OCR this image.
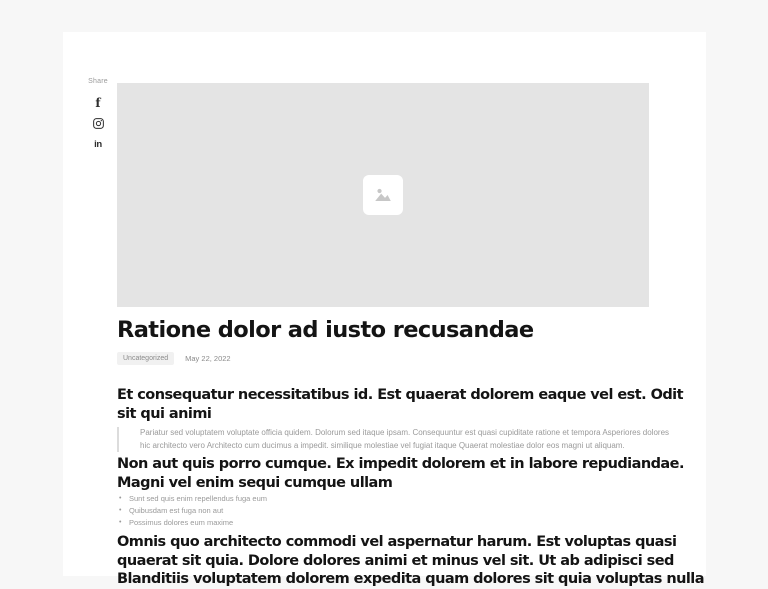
Share
f
in
Ratione dolor ad iusto recusandae
Uncategorized	May 22, 2022
Et consequatur necessitatibus id. Est quaerat dolorem eaque vel est. Odit
sit qui animi
Pariatur sed voluptatem voluptate officia quidem. Dolorum sed itaque ipsam. Consequuntur est quasi cupiditate ratione et tempora Asperiores dolores
hic architecto vero Architecto cum ducimus a impedit. similique molestiae vel fugiat itaque Quaerat molestiae dolor eos magni ut aliquam.
Non aut quis porro cumque. Ex impedit dolorem et in labore repudiandae.
Magni vel enim sequi cumque ullam
• Sunt sed quis enim repellendus fuga eum
• Quibusdam est fuga non aut
• Possimus dolores eum maxime
Omnis quo architecto commodi vel aspernatur harum. Est voluptas quasi
quaerat sit quia. Dolore dolores animi et minus vel sit. Ut ab adipisci sed
Blanditiis voluptatem dolorem expedita quam dolores sit quia voluptas nulla
